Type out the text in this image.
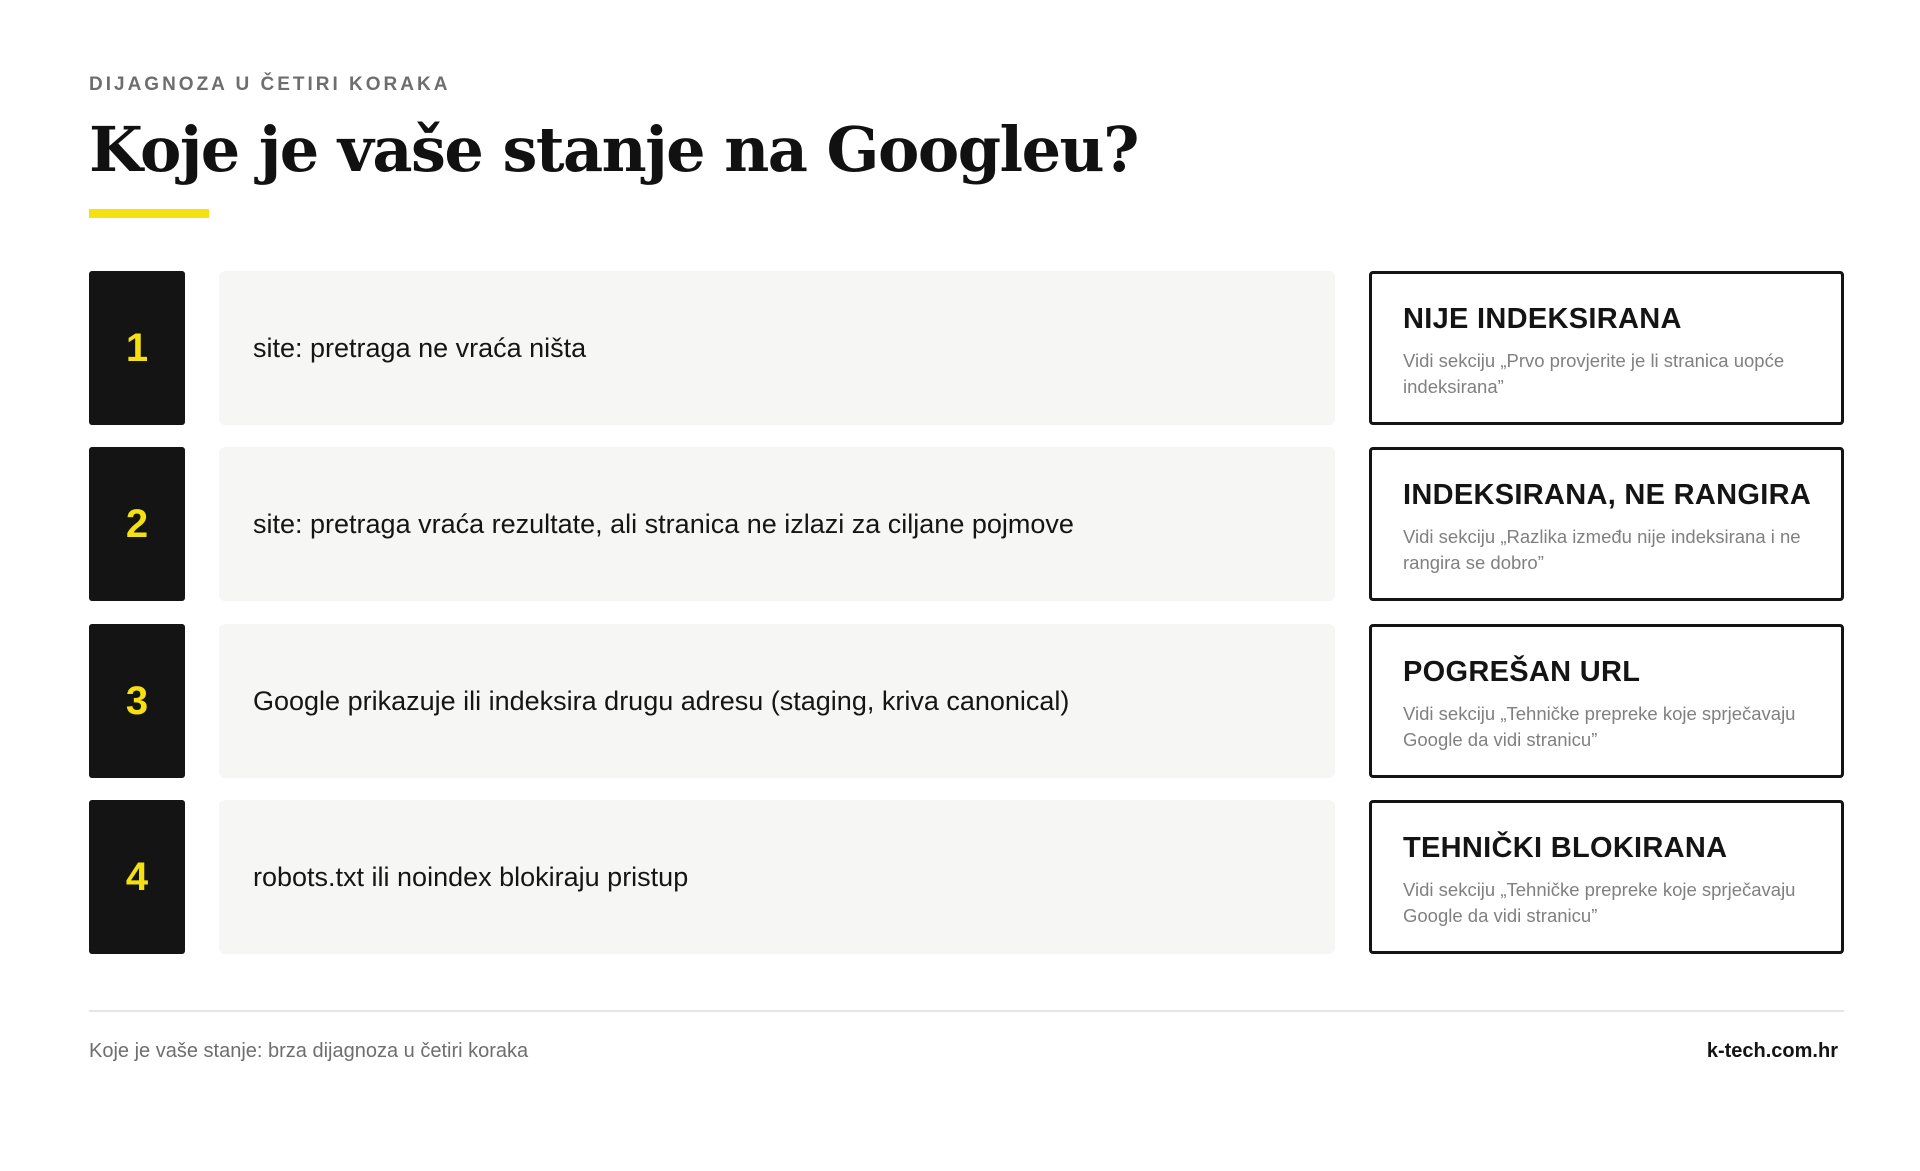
DIJAGNOZA U ČETIRI KORAKA
Koje je vaše stanje na Googleu?
1	site: pretraga ne vraća ništa
NIJE INDEKSIRANA
Vidi sekciju „Prvo provjerite je li stranica uopće indeksirana”
2	site: pretraga vraća rezultate, ali stranica ne izlazi za ciljane pojmove
INDEKSIRANA, NE RANGIRA
Vidi sekciju „Razlika između nije indeksirana i ne rangira se dobro”
3	Google prikazuje ili indeksira drugu adresu (staging, kriva canonical)
POGREŠAN URL
Vidi sekciju „Tehničke prepreke koje sprječavaju Google da vidi stranicu”
4	robots.txt ili noindex blokiraju pristup
TEHNIČKI BLOKIRANA
Vidi sekciju „Tehničke prepreke koje sprječavaju Google da vidi stranicu”
Koje je vaše stanje: brza dijagnoza u četiri koraka	k-tech.com.hr
